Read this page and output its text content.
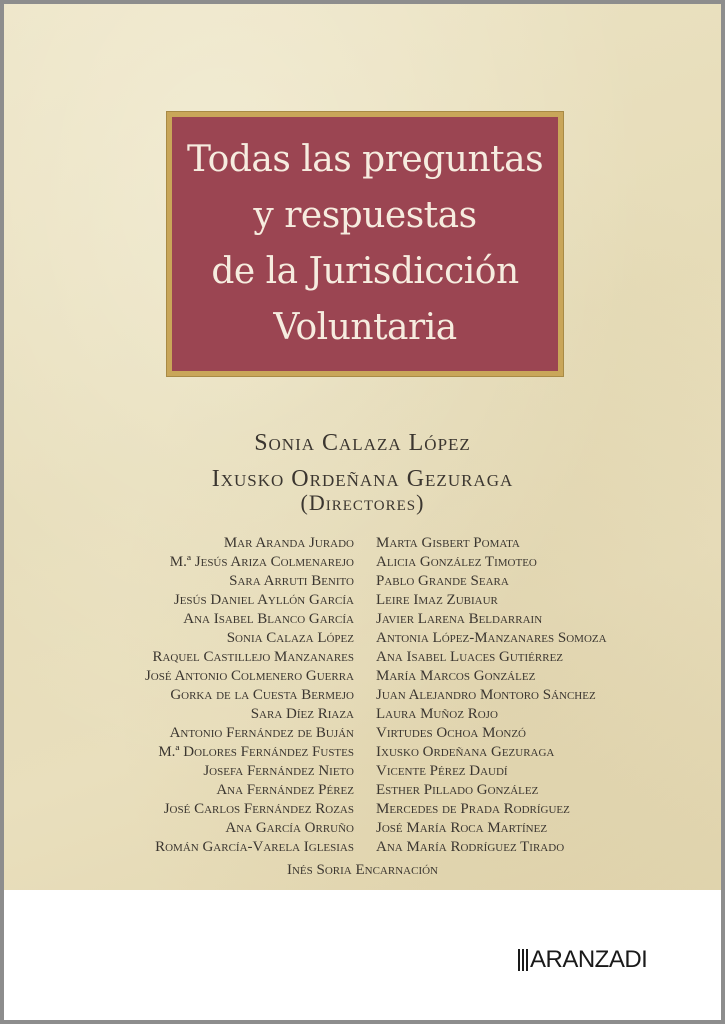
Todas las preguntas
y respuestas
de la Jurisdicción
Voluntaria
Sonia Calaza López
Ixusko Ordeñana Gezuraga
(Directores)
Mar Aranda Jurado Marta Gisbert Pomata
M.ª Jesús Ariza Colmenarejo Alicia González Timoteo
Sara Arruti Benito Pablo Grande Seara
Jesús Daniel Ayllón García Leire Imaz Zubiaur
Ana Isabel Blanco García Javier Larena Beldarrain
Sonia Calaza López Antonia López-Manzanares Somoza
Raquel Castillejo Manzanares Ana Isabel Luaces Gutiérrez
José Antonio Colmenero Guerra María Marcos González
Gorka de la Cuesta Bermejo Juan Alejandro Montoro Sánchez
Sara Díez Riaza Laura Muñoz Rojo
Antonio Fernández de Buján Virtudes Ochoa Monzó
M.ª Dolores Fernández Fustes Ixusko Ordeñana Gezuraga
Josefa Fernández Nieto Vicente Pérez Daudí
Ana Fernández Pérez Esther Pillado González
José Carlos Fernández Rozas Mercedes de Prada Rodríguez
Ana García Orruño José María Roca Martínez
Román García-Varela Iglesias Ana María Rodríguez Tirado
Inés Soria Encarnación
ARANZADI
